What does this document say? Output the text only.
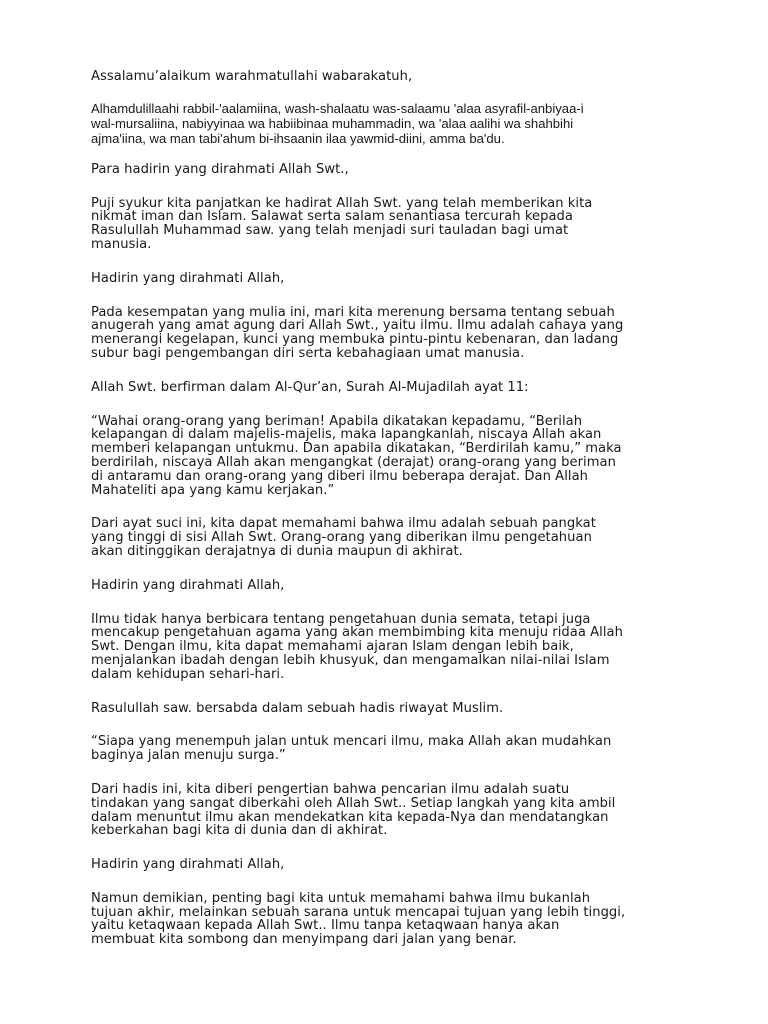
Assalamu’alaikum warahmatullahi wabarakatuh,

Alhamdulillaahi rabbil-'aalamiina, wash-shalaatu was-salaamu 'alaa asyrafil-anbiyaa-i
wal-mursaliina, nabiyyinaa wa habiibinaa muhammadin, wa 'alaa aalihi wa shahbihi
ajma'iina, wa man tabi'ahum bi-ihsaanin ilaa yawmid-diini, amma ba'du.

Para hadirin yang dirahmati Allah Swt.,

Puji syukur kita panjatkan ke hadirat Allah Swt. yang telah memberikan kita
nikmat iman dan Islam. Salawat serta salam senantiasa tercurah kepada
Rasulullah Muhammad saw. yang telah menjadi suri tauladan bagi umat
manusia.

Hadirin yang dirahmati Allah,

Pada kesempatan yang mulia ini, mari kita merenung bersama tentang sebuah
anugerah yang amat agung dari Allah Swt., yaitu ilmu. Ilmu adalah cahaya yang
menerangi kegelapan, kunci yang membuka pintu-pintu kebenaran, dan ladang
subur bagi pengembangan diri serta kebahagiaan umat manusia.

Allah Swt. berfirman dalam Al-Qur’an, Surah Al-Mujadilah ayat 11:

“Wahai orang-orang yang beriman! Apabila dikatakan kepadamu, “Berilah
kelapangan di dalam majelis-majelis, maka lapangkanlah, niscaya Allah akan
memberi kelapangan untukmu. Dan apabila dikatakan, “Berdirilah kamu,” maka
berdirilah, niscaya Allah akan mengangkat (derajat) orang-orang yang beriman
di antaramu dan orang-orang yang diberi ilmu beberapa derajat. Dan Allah
Mahateliti apa yang kamu kerjakan.”

Dari ayat suci ini, kita dapat memahami bahwa ilmu adalah sebuah pangkat
yang tinggi di sisi Allah Swt. Orang-orang yang diberikan ilmu pengetahuan
akan ditinggikan derajatnya di dunia maupun di akhirat.

Hadirin yang dirahmati Allah,

Ilmu tidak hanya berbicara tentang pengetahuan dunia semata, tetapi juga
mencakup pengetahuan agama yang akan membimbing kita menuju ridaa Allah
Swt. Dengan ilmu, kita dapat memahami ajaran Islam dengan lebih baik,
menjalankan ibadah dengan lebih khusyuk, dan mengamalkan nilai-nilai Islam
dalam kehidupan sehari-hari.

Rasulullah saw. bersabda dalam sebuah hadis riwayat Muslim.

“Siapa yang menempuh jalan untuk mencari ilmu, maka Allah akan mudahkan
baginya jalan menuju surga.”

Dari hadis ini, kita diberi pengertian bahwa pencarian ilmu adalah suatu
tindakan yang sangat diberkahi oleh Allah Swt.. Setiap langkah yang kita ambil
dalam menuntut ilmu akan mendekatkan kita kepada-Nya dan mendatangkan
keberkahan bagi kita di dunia dan di akhirat.

Hadirin yang dirahmati Allah,

Namun demikian, penting bagi kita untuk memahami bahwa ilmu bukanlah
tujuan akhir, melainkan sebuah sarana untuk mencapai tujuan yang lebih tinggi,
yaitu ketaqwaan kepada Allah Swt.. Ilmu tanpa ketaqwaan hanya akan
membuat kita sombong dan menyimpang dari jalan yang benar.
